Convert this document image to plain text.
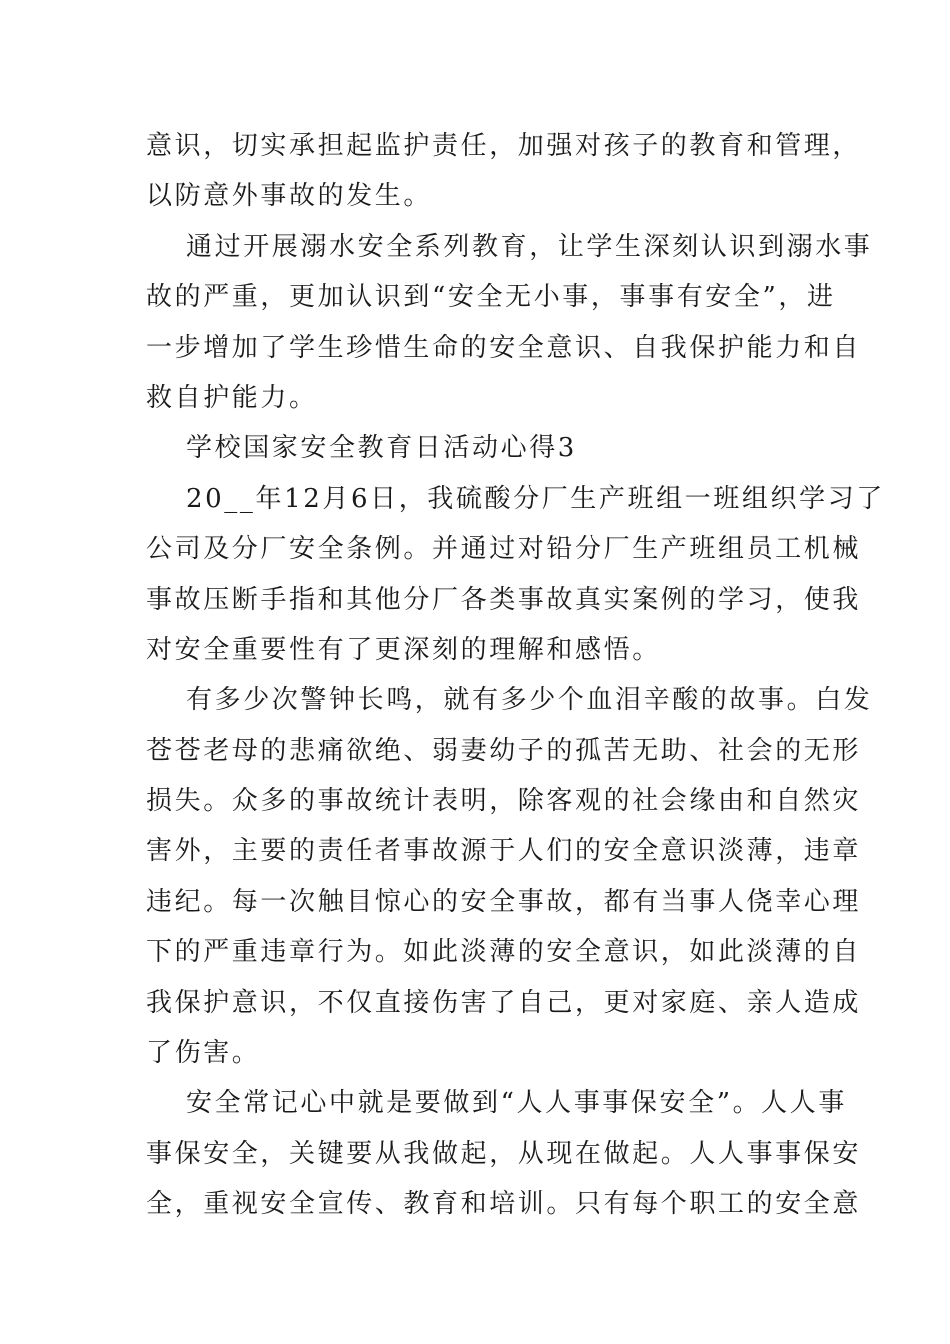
意识，切实承担起监护责任，加强对孩子的教育和管理，
以防意外事故的发生。
通过开展溺水安全系列教育，让学生深刻认识到溺水事
故的严重，更加认识到“安全无小事，事事有安全”，进
一步增加了学生珍惜生命的安全意识、自我保护能力和自
救自护能力。
学校国家安全教育日活动心得3
20__年12月6日，我硫酸分厂生产班组一班组织学习了
公司及分厂安全条例。并通过对铅分厂生产班组员工机械
事故压断手指和其他分厂各类事故真实案例的学习，使我
对安全重要性有了更深刻的理解和感悟。
有多少次警钟长鸣，就有多少个血泪辛酸的故事。白发
苍苍老母的悲痛欲绝、弱妻幼子的孤苦无助、社会的无形
损失。众多的事故统计表明，除客观的社会缘由和自然灾
害外，主要的责任者事故源于人们的安全意识淡薄，违章
违纪。每一次触目惊心的安全事故，都有当事人侥幸心理
下的严重违章行为。如此淡薄的安全意识，如此淡薄的自
我保护意识，不仅直接伤害了自己，更对家庭、亲人造成
了伤害。
安全常记心中就是要做到“人人事事保安全”。人人事
事保安全，关键要从我做起，从现在做起。人人事事保安
全，重视安全宣传、教育和培训。只有每个职工的安全意
